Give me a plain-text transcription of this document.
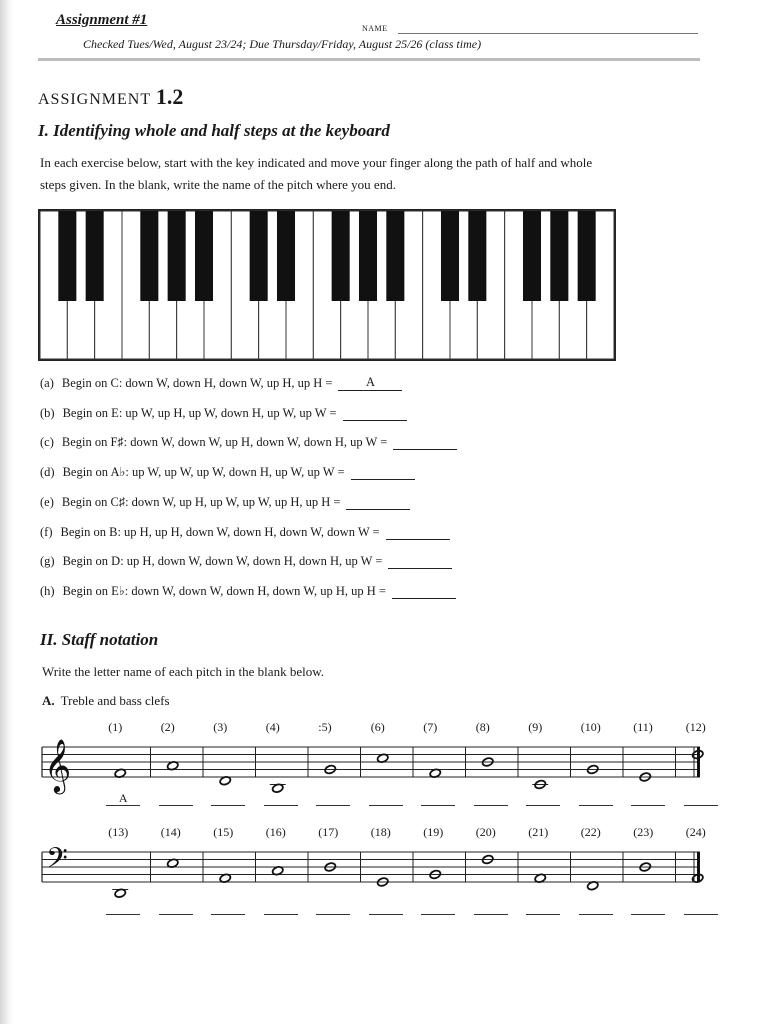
Assignment #1
NAME
Checked Tues/Wed, August 23/24; Due Thursday/Friday, August 25/26 (class time)
ASSIGNMENT 1.2
I. Identifying whole and half steps at the keyboard
In each exercise below, start with the key indicated and move your finger along the path of half and whole
steps given. In the blank, write the name of the pitch where you end.
(a) Begin on C: down W, down H, down W, up H, up H =	A
(b) Begin on E: up W, up H, up W, down H, up W, up W =
(c) Begin on F♯: down W, down W, up H, down W, down H, up W =
(d) Begin on A♭: up W, up W, up W, down H, up W, up W =
(e) Begin on C♯: down W, up H, up W, up W, up H, up H =
(f) Begin on B: up H, up H, down W, down H, down W, down W =
(g) Begin on D: up H, down W, down W, down H, down H, up W =
(h) Begin on E♭: down W, down W, down H, down W, up H, up H =
II. Staff notation
Write the letter name of each pitch in the blank below.
A. Treble and bass clefs
𝄞
(1)
A
(2)	(3)	(4)	:5)	(6)	(7)	(8)	(9)	(10)	(11)	(12)
𝄢
(13)	(14)	(15)	(16)	(17)	(18)	(19)	(20)	(21)	(22)	(23)	(24)
